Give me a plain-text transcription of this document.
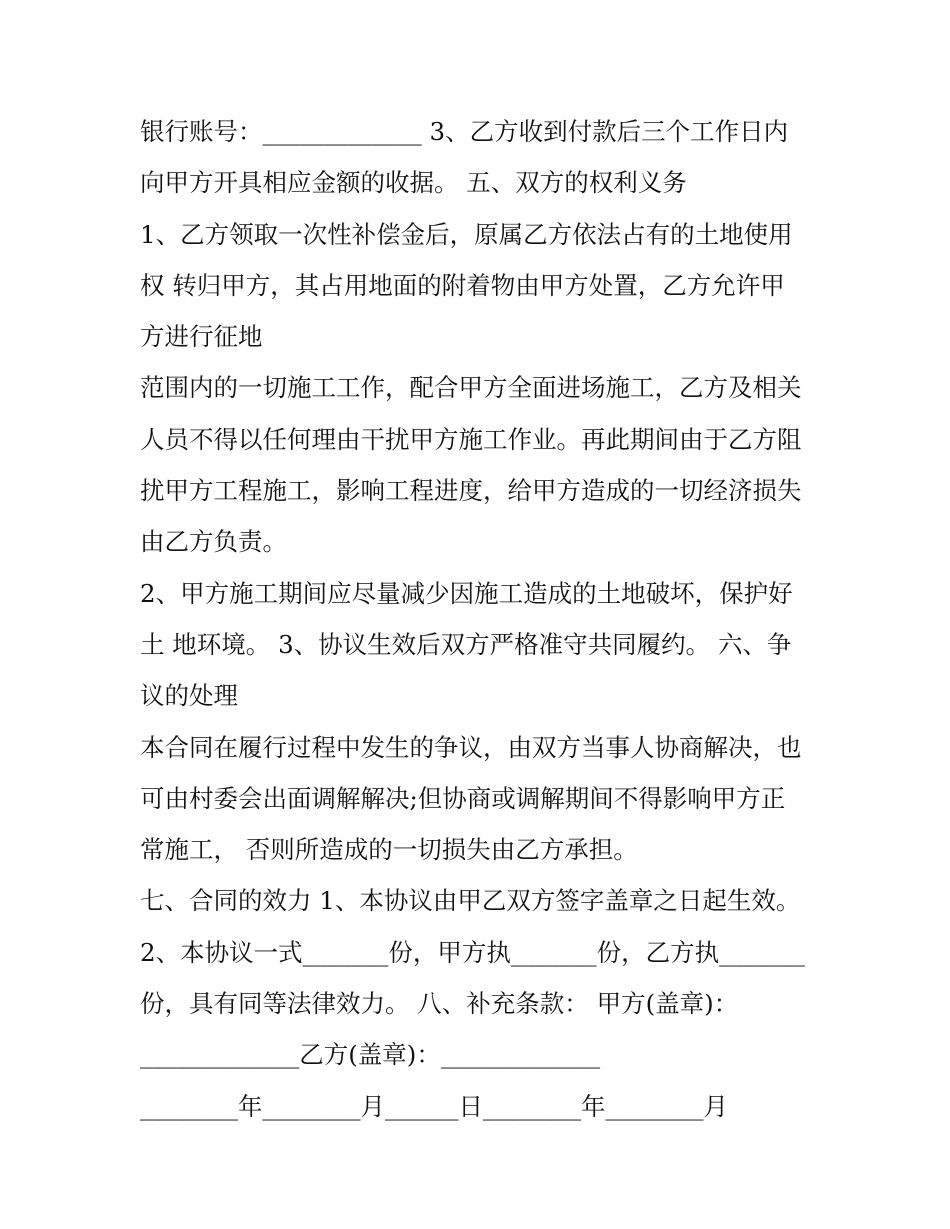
银行账号：_____________ 3、乙方收到付款后三个工作日内
向甲方开具相应金额的收据。 五、双方的权利义务
1、乙方领取一次性补偿金后，原属乙方依法占有的土地使用
权 转归甲方，其占用地面的附着物由甲方处置，乙方允许甲
方进行征地
范围内的一切施工工作，配合甲方全面进场施工，乙方及相关
人员不得以任何理由干扰甲方施工作业。再此期间由于乙方阻
扰甲方工程施工，影响工程进度，给甲方造成的一切经济损失
由乙方负责。
2、甲方施工期间应尽量减少因施工造成的土地破坏，保护好
土 地环境。 3、协议生效后双方严格准守共同履约。 六、争
议的处理
本合同在履行过程中发生的争议，由双方当事人协商解决，也
可由村委会出面调解解决;但协商或调解期间不得影响甲方正
常施工， 否则所造成的一切损失由乙方承担。
七、合同的效力 1、本协议由甲乙双方签字盖章之日起生效。
2、本协议一式_______份，甲方执_______份，乙方执_______
份，具有同等法律效力。 八、补充条款： 甲方(盖章)：
_____________乙方(盖章)：_____________
________年________月______日________年________月
